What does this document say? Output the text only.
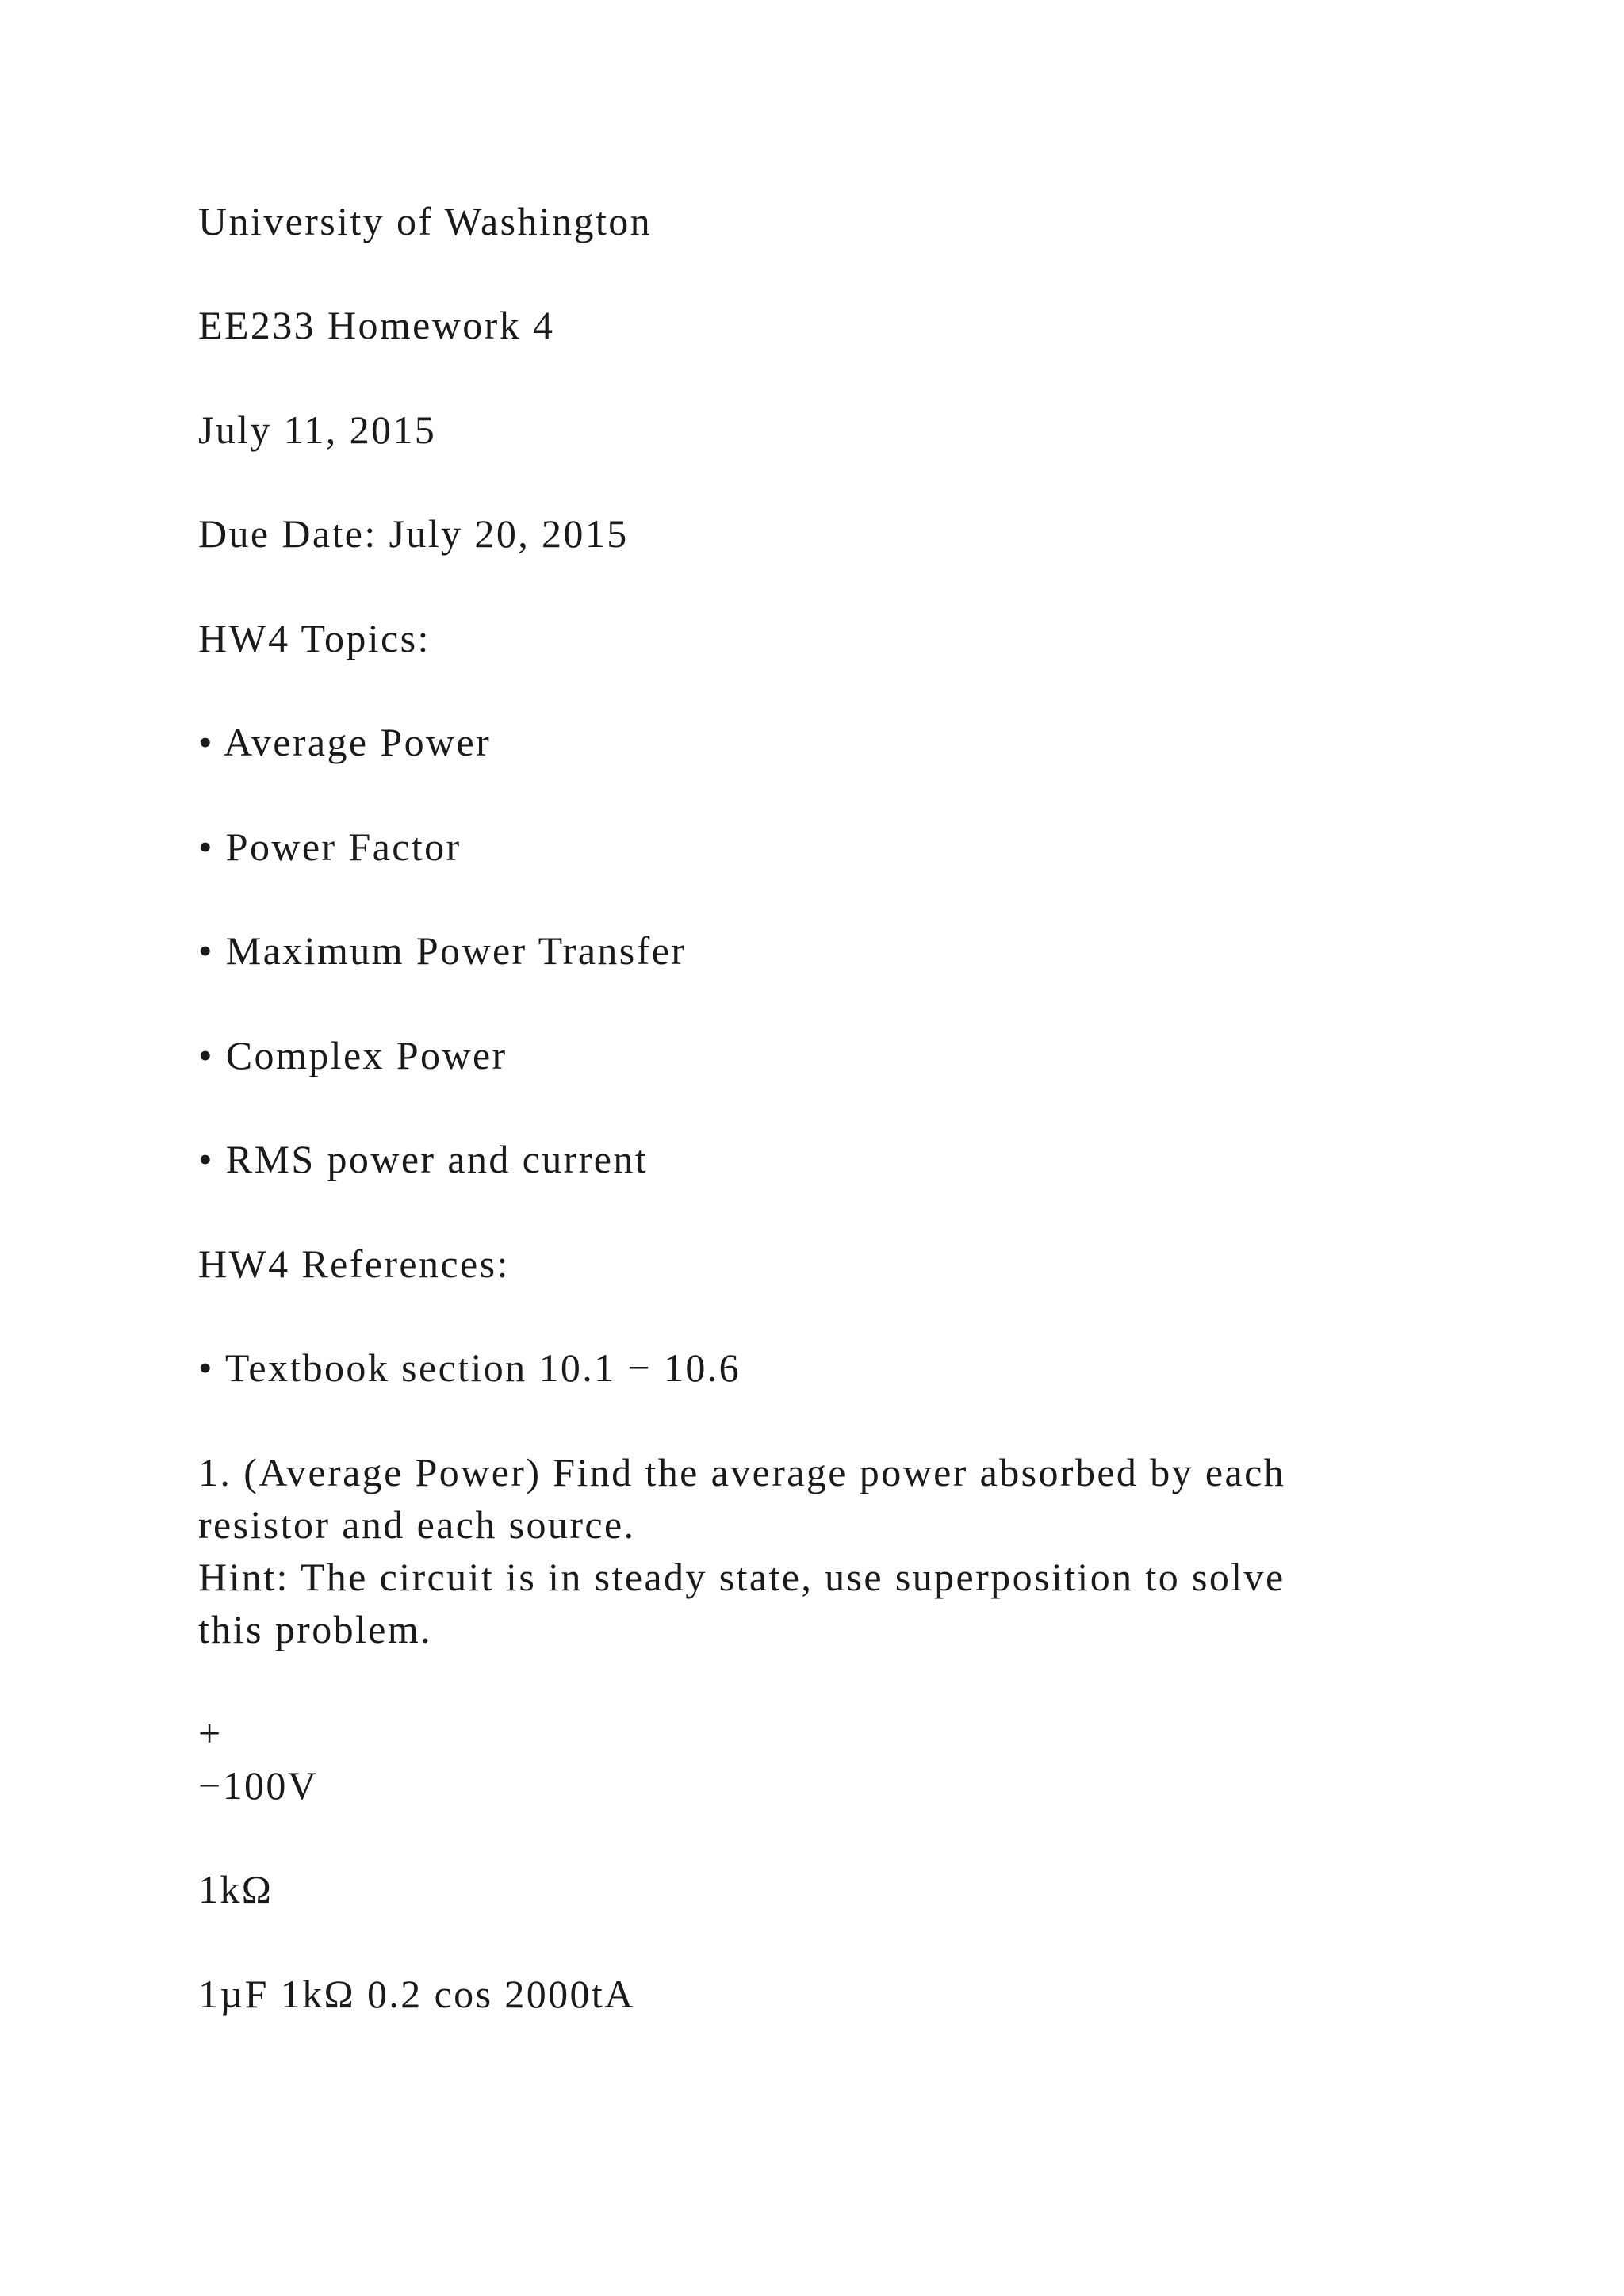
University of Washington
EE233 Homework 4

July 11, 2015

Due Date: July 20, 2015

HW4 Topics:

• Average Power

• Power Factor

• Maximum Power Transfer

• Complex Power

• RMS power and current

HW4 References:

• Textbook section 10.1 − 10.6

1. (Average Power) Find the average power absorbed by each

resistor and each source.

Hint: The circuit is in steady state, use superposition to solve

this problem.

+

−100V

1kΩ

1µF 1kΩ 0.2 cos 2000tA
